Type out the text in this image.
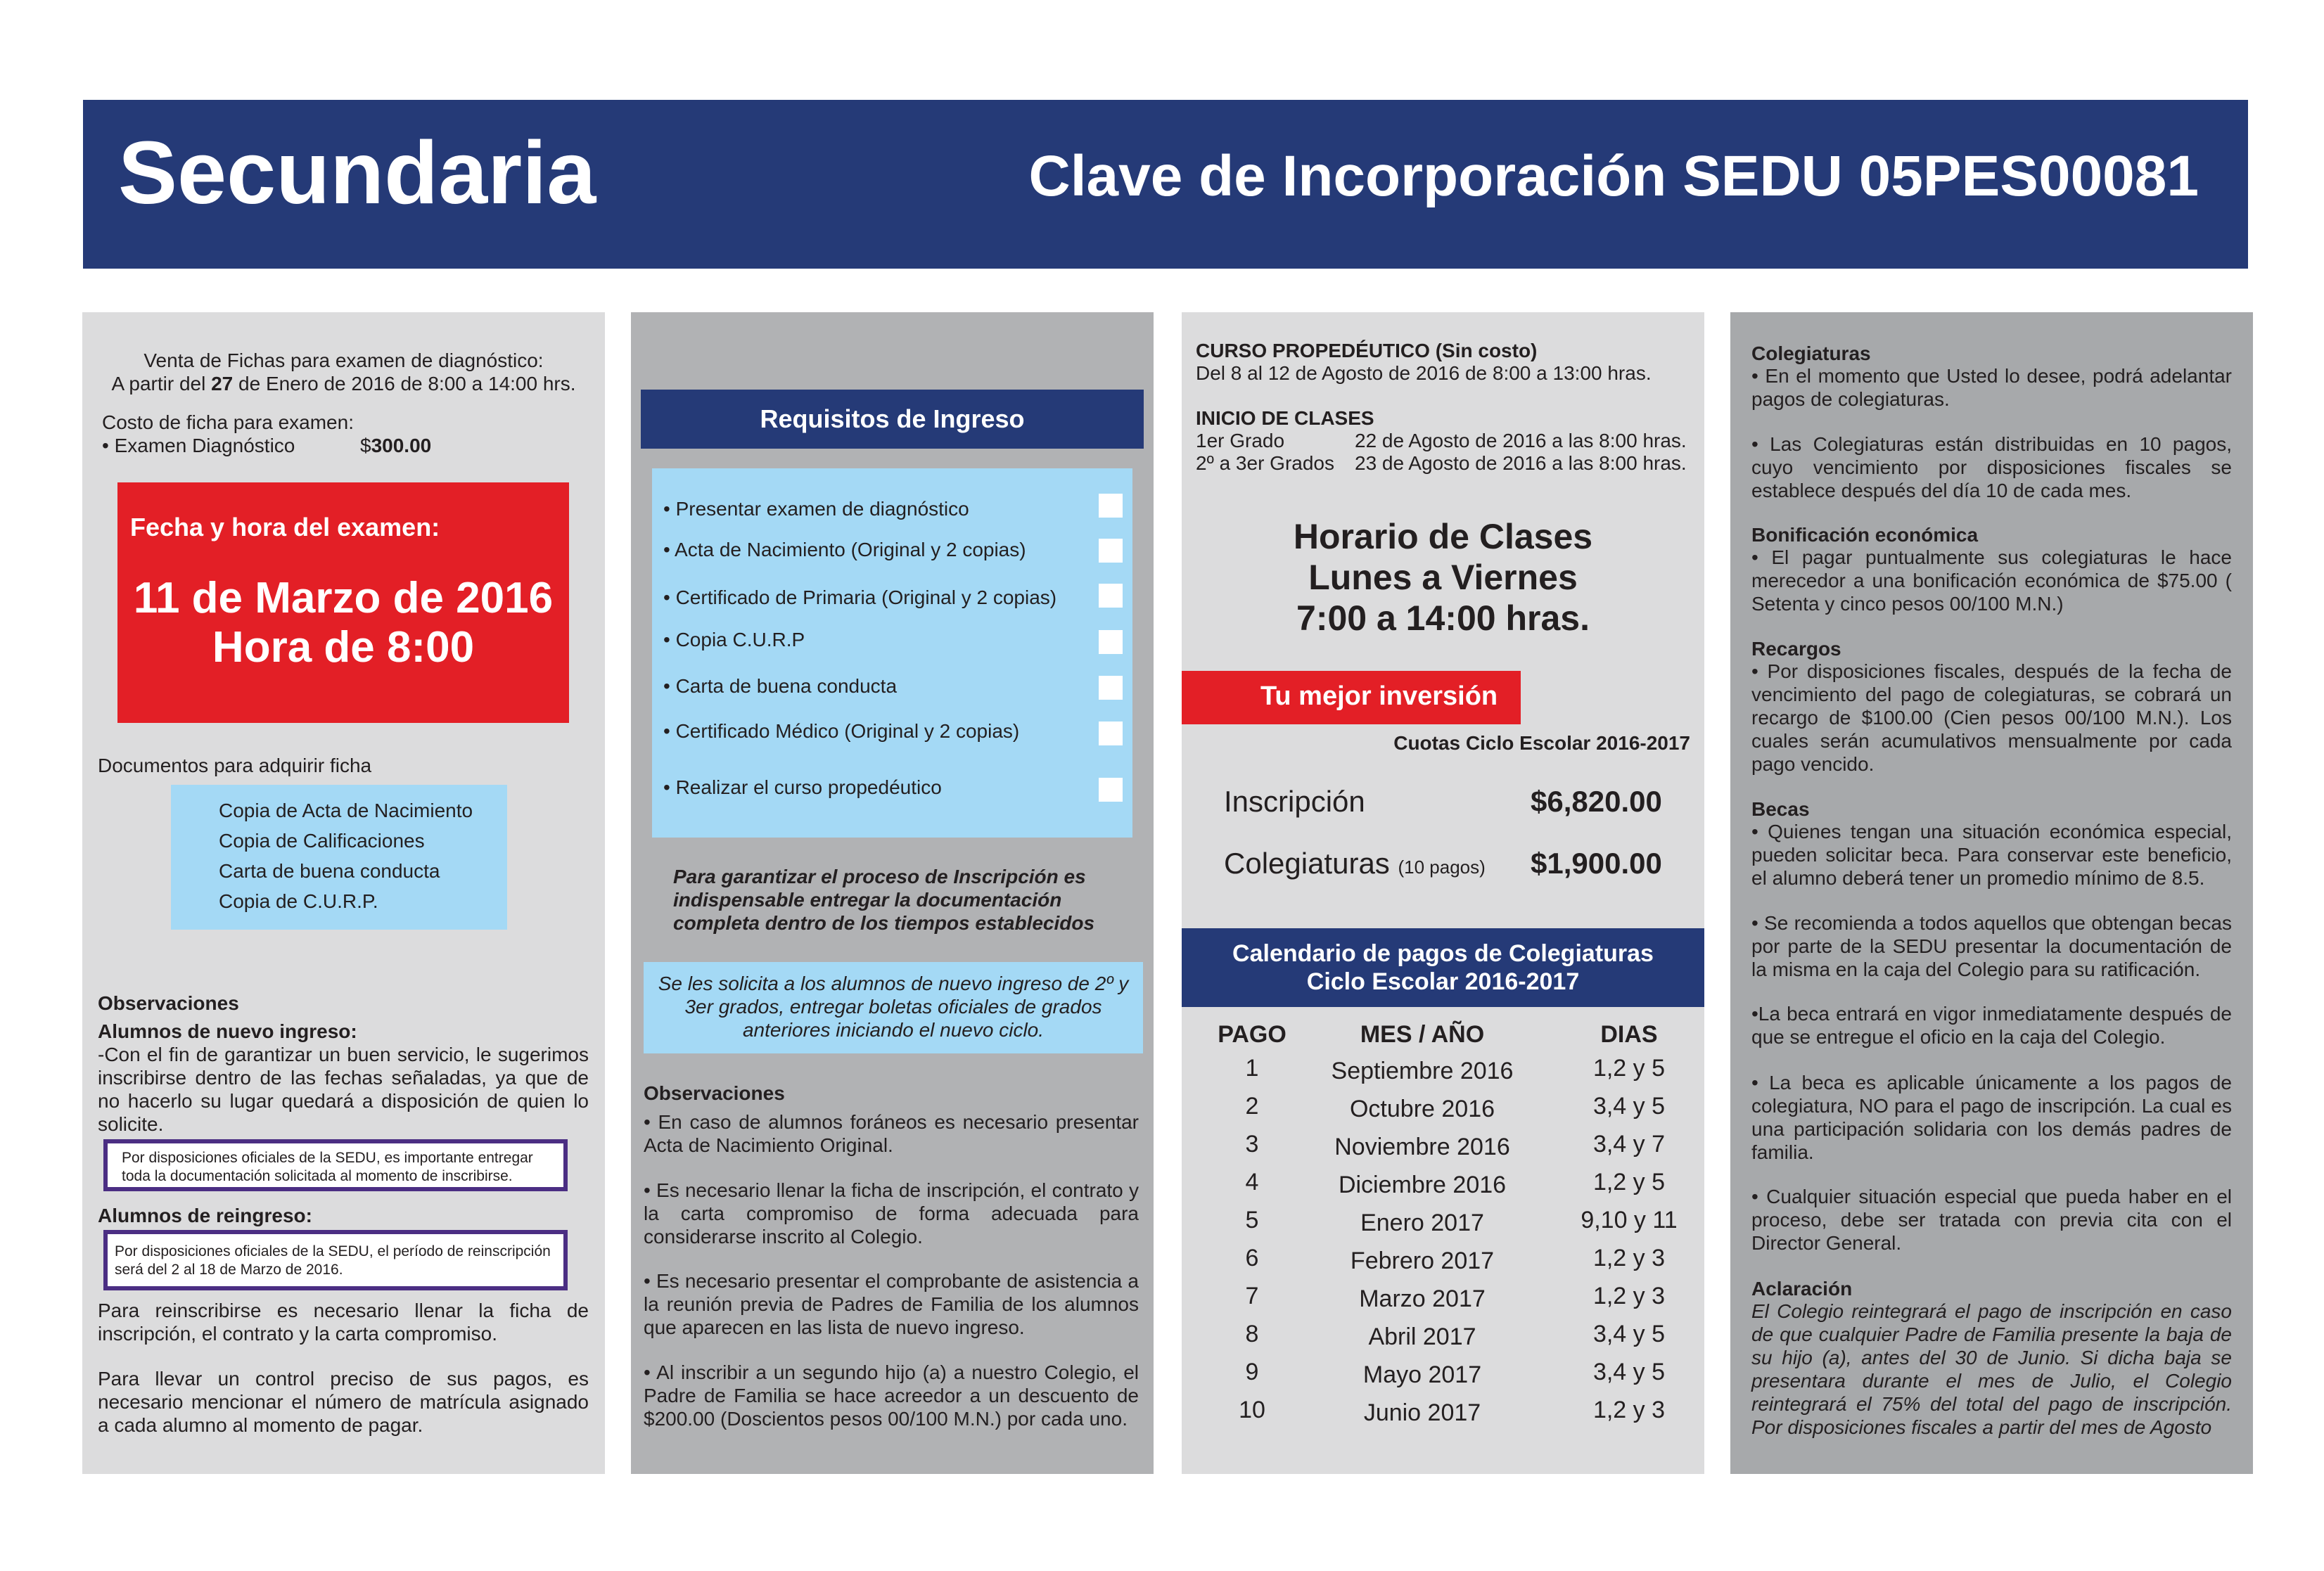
Secundaria	Clave de Incorporación SEDU 05PES00081
Venta de Fichas para examen de diagnóstico:
A partir del 27 de Enero de 2016 de 8:00 a 14:00 hrs.
Costo de ficha para examen:
• Examen Diagnóstico	$300.00
Fecha y hora del examen:
11 de Marzo de 2016
Hora de 8:00
Documentos para adquirir ficha
Copia de Acta de Nacimiento
Copia de Calificaciones
Carta de buena conducta
Copia de C.U.R.P.
Observaciones
Alumnos de nuevo ingreso:
-Con el fin de garantizar un buen servicio, le sugerimos inscribirse dentro de las fechas señaladas, ya que de no hacerlo su lugar quedará a disposición de quien lo solicite.
Por disposiciones oficiales de la SEDU, es importante entregar toda la documentación solicitada al momento de inscribirse.
Alumnos de reingreso:
Por disposiciones oficiales de la SEDU, el período de reinscripción será del 2 al 18 de Marzo de 2016.
Para reinscribirse es necesario llenar la ficha de inscripción, el contrato y la carta compromiso.
Para llevar un control preciso de sus pagos, es necesario mencionar el número de matrícula asignado a cada alumno al momento de pagar.
Requisitos de Ingreso
• Presentar examen de diagnóstico
• Acta de Nacimiento (Original y 2 copias)
• Certificado de Primaria (Original y 2 copias)
• Copia C.U.R.P
• Carta de buena conducta
• Certificado Médico (Original y 2 copias)
• Realizar el curso propedéutico
Para garantizar el proceso de Inscripción es indispensable entregar la documentación completa dentro de los tiempos establecidos
Se les solicita a los alumnos de nuevo ingreso de 2º y 3er grados, entregar boletas oficiales de grados anteriores iniciando el nuevo ciclo.
Observaciones
• En caso de alumnos foráneos es necesario presentar Acta de Nacimiento Original.
• Es necesario llenar la ficha de inscripción, el contrato y la carta compromiso de forma adecuada para considerarse inscrito al Colegio.
• Es necesario presentar el comprobante de asistencia a la reunión previa de Padres de Familia de los alumnos que aparecen en las lista de nuevo ingreso.
• Al inscribir a un segundo hijo (a) a nuestro Colegio, el Padre de Familia se hace acreedor a un descuento de $200.00 (Doscientos pesos 00/100 M.N.) por cada uno.
CURSO PROPEDÉUTICO (Sin costo)
Del 8 al 12 de Agosto de 2016 de 8:00 a 13:00 hras.
INICIO DE CLASES
1er Grado	22 de Agosto de 2016 a las 8:00 hras.
2º a 3er Grados 23 de Agosto de 2016 a las 8:00 hras.
Horario de Clases
Lunes a Viernes
7:00 a 14:00 hras.
Tu mejor inversión
Cuotas Ciclo Escolar 2016-2017
Inscripción	$6,820.00
Colegiaturas (10 pagos) $1,900.00
Calendario de pagos de Colegiaturas
Ciclo Escolar 2016-2017
PAGO	MES / AÑO	DIAS
1	Septiembre 2016	1,2 y 5
2	Octubre 2016	3,4 y 5
3	Noviembre 2016	3,4 y 7
4	Diciembre 2016	1,2 y 5
5	Enero 2017	9,10 y 11
6	Febrero 2017	1,2 y 3
7	Marzo 2017	1,2 y 3
8	Abril 2017	3,4 y 5
9	Mayo 2017	3,4 y 5
10	Junio 2017	1,2 y 3
Colegiaturas
• En el momento que Usted lo desee, podrá adelantar pagos de colegiaturas.
• Las Colegiaturas están distribuidas en 10 pagos, cuyo vencimiento por disposiciones fiscales se establece después del día 10 de cada mes.
Bonificación económica
• El pagar puntualmente sus colegiaturas le hace merecedor a una bonificación económica de $75.00 ( Setenta y cinco pesos 00/100 M.N.)
Recargos
• Por disposiciones fiscales, después de la fecha de vencimiento del pago de colegiaturas, se cobrará un recargo de $100.00 (Cien pesos 00/100 M.N.). Los cuales serán acumulativos mensualmente por cada pago vencido.
Becas
• Quienes tengan una situación económica especial, pueden solicitar beca. Para conservar este beneficio, el alumno deberá tener un promedio mínimo de 8.5.
• Se recomienda a todos aquellos que obtengan becas por parte de la SEDU presentar la documentación de la misma en la caja del Colegio para su ratificación.
•La beca entrará en vigor inmediatamente después de que se entregue el oficio en la caja del Colegio.
• La beca es aplicable únicamente a los pagos de colegiatura, NO para el pago de inscripción. La cual es una participación solidaria con los demás padres de familia.
• Cualquier situación especial que pueda haber en el proceso, debe ser tratada con previa cita con el Director General.
Aclaración
El Colegio reintegrará el pago de inscripción en caso de que cualquier Padre de Familia presente la baja de su hijo (a), antes del 30 de Junio. Si dicha baja se presentara durante el mes de Julio, el Colegio reintegrará el 75% del total del pago de inscripción. Por disposiciones fiscales a partir del mes de Agosto
